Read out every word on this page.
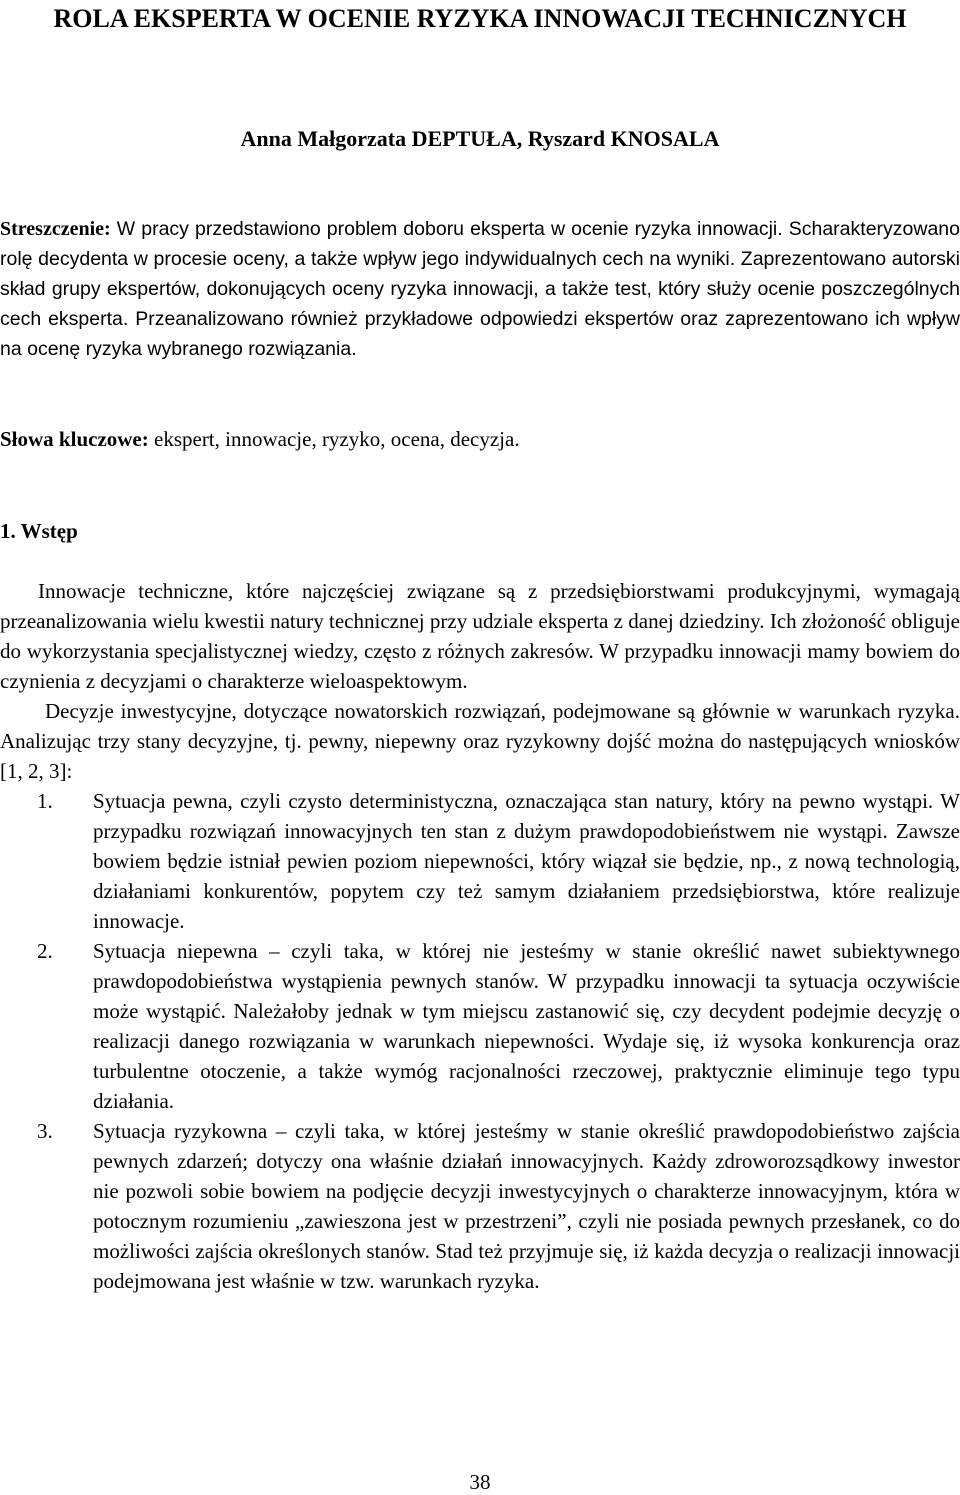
ROLA EKSPERTA W OCENIE RYZYKA INNOWACJI TECHNICZNYCH
Anna Małgorzata DEPTUŁA, Ryszard KNOSALA
Streszczenie: W pracy przedstawiono problem doboru eksperta w ocenie ryzyka innowacji. Scharakteryzowano rolę decydenta w procesie oceny, a także wpływ jego indywidualnych cech na wyniki. Zaprezentowano autorski skład grupy ekspertów, dokonujących oceny ryzyka innowacji, a także test, który służy ocenie poszczególnych cech eksperta. Przeanalizowano również przykładowe odpowiedzi ekspertów oraz zaprezentowano ich wpływ na ocenę ryzyka wybranego rozwiązania.
Słowa kluczowe: ekspert, innowacje, ryzyko, ocena, decyzja.
1. Wstęp

Innowacje techniczne, które najczęściej związane są z przedsiębiorstwami produkcyjnymi, wymagają przeanalizowania wielu kwestii natury technicznej przy udziale eksperta z danej dziedziny. Ich złożoność obliguje do wykorzystania specjalistycznej wiedzy, często z różnych zakresów. W przypadku innowacji mamy bowiem do czynienia z decyzjami o charakterze wieloaspektowym.

Decyzje inwestycyjne, dotyczące nowatorskich rozwiązań, podejmowane są głównie w warunkach ryzyka. Analizując trzy stany decyzyjne, tj. pewny, niepewny oraz ryzykowny dojść można do następujących wniosków [1, 2, 3]:

1. Sytuacja pewna, czyli czysto deterministyczna, oznaczająca stan natury, który na pewno wystąpi. W przypadku rozwiązań innowacyjnych ten stan z dużym prawdopodobieństwem nie wystąpi. Zawsze bowiem będzie istniał pewien poziom niepewności, który wiązał sie będzie, np., z nową technologią, działaniami konkurentów, popytem czy też samym działaniem przedsiębiorstwa, które realizuje innowacje.
2. Sytuacja niepewna – czyli taka, w której nie jesteśmy w stanie określić nawet subiektywnego prawdopodobieństwa wystąpienia pewnych stanów. W przypadku innowacji ta sytuacja oczywiście może wystąpić. Należałoby jednak w tym miejscu zastanowić się, czy decydent podejmie decyzję o realizacji danego rozwiązania w warunkach niepewności. Wydaje się, iż wysoka konkurencja oraz turbulentne otoczenie, a także wymóg racjonalności rzeczowej, praktycznie eliminuje tego typu działania.
3. Sytuacja ryzykowna – czyli taka, w której jesteśmy w stanie określić prawdopodobieństwo zajścia pewnych zdarzeń; dotyczy ona właśnie działań innowacyjnych. Każdy zdroworozsądkowy inwestor nie pozwoli sobie bowiem na podjęcie decyzji inwestycyjnych o charakterze innowacyjnym, która w potocznym rozumieniu „zawieszona jest w przestrzeni”, czyli nie posiada pewnych przesłanek, co do możliwości zajścia określonych stanów. Stad też przyjmuje się, iż każda decyzja o realizacji innowacji podejmowana jest właśnie w tzw. warunkach ryzyka.
38
